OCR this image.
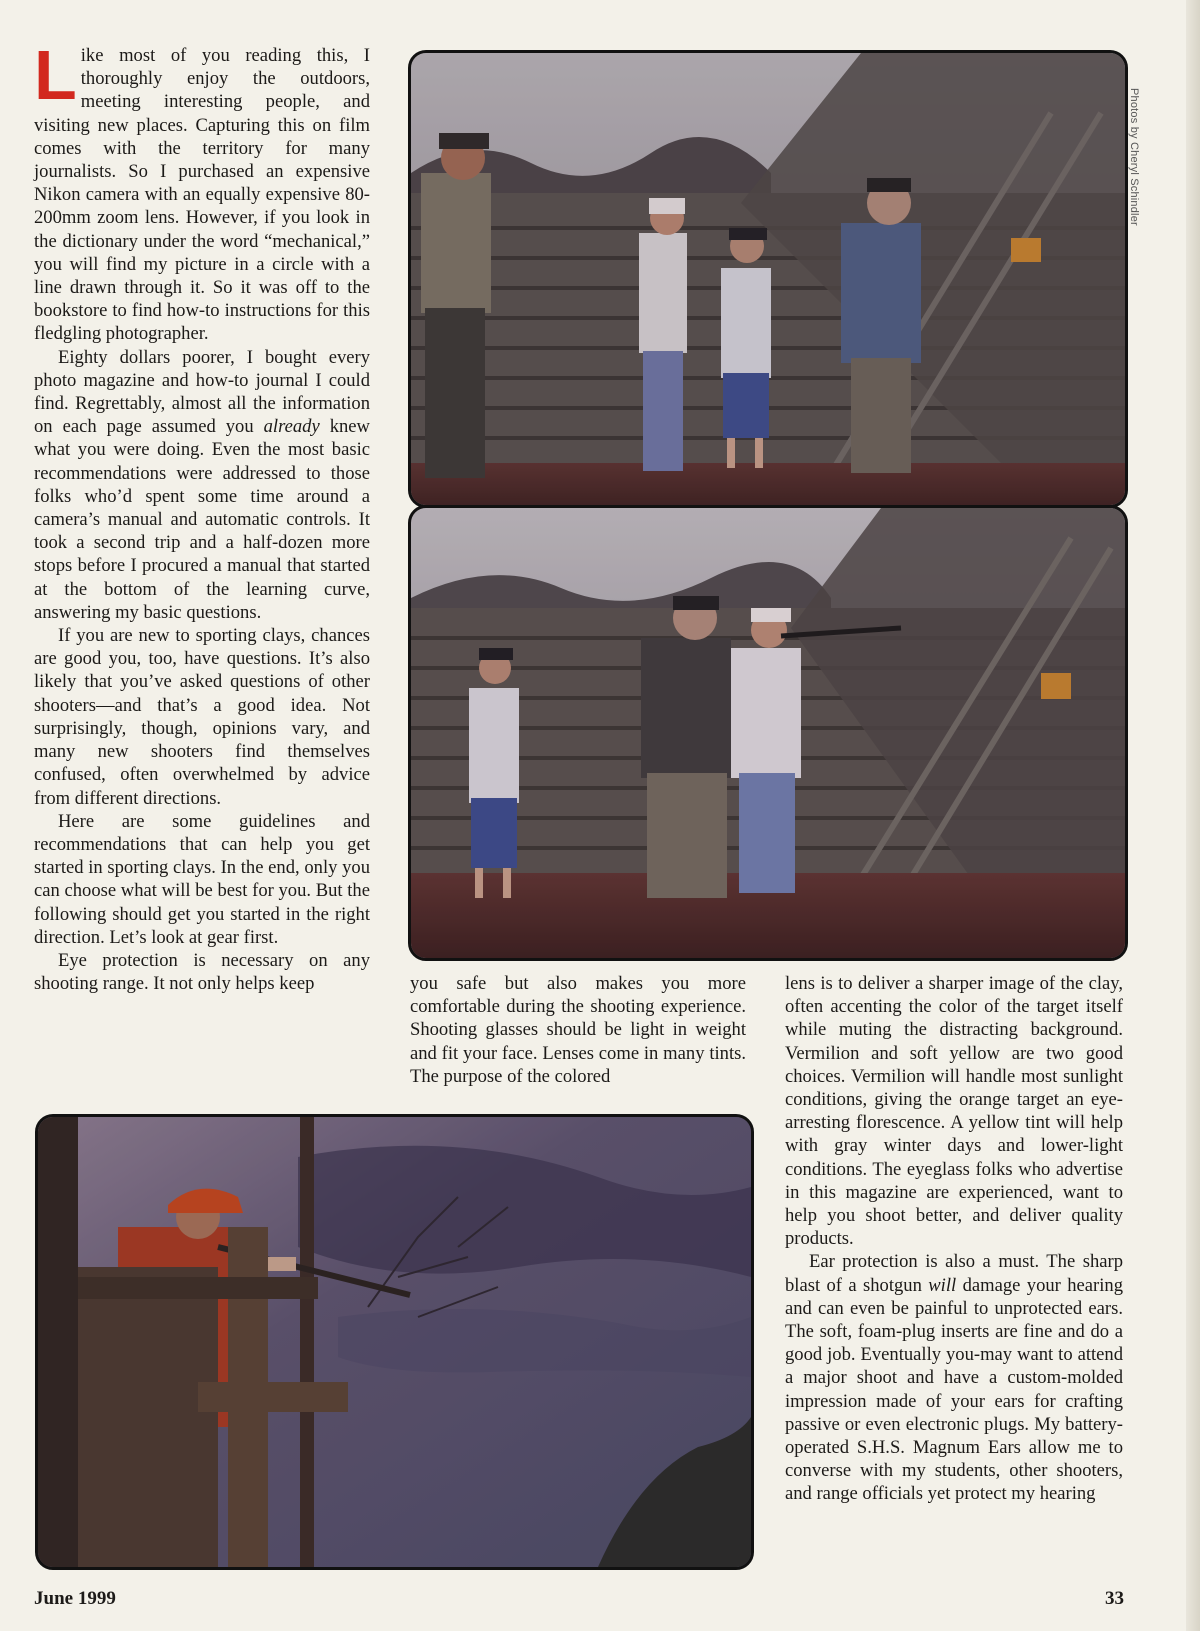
Like most of you reading this, I thoroughly enjoy the outdoors, meeting interesting people, and visiting new places. Capturing this on film comes with the territory for many journalists. So I purchased an expensive Nikon camera with an equally expensive 80-200mm zoom lens. However, if you look in the dictionary under the word “mechanical,” you will find my picture in a circle with a line drawn through it. So it was off to the bookstore to find how-to instructions for this fledgling photographer.

Eighty dollars poorer, I bought every photo magazine and how-to journal I could find. Regrettably, almost all the information on each page assumed you already knew what you were doing. Even the most basic recommendations were addressed to those folks who’d spent some time around a camera’s manual and automatic controls. It took a second trip and a half-dozen more stops before I procured a manual that started at the bottom of the learning curve, answering my basic questions.

If you are new to sporting clays, chances are good you, too, have questions. It’s also likely that you’ve asked questions of other shooters—and that’s a good idea. Not surprisingly, though, opinions vary, and many new shooters find themselves confused, often overwhelmed by advice from different directions.

Here are some guidelines and recommendations that can help you get started in sporting clays. In the end, only you can choose what will be best for you. But the following should get you started in the right direction. Let’s look at gear first.

Eye protection is necessary on any shooting range. It not only helps keep	you safe but also makes you more comfortable during the shooting experience. Shooting glasses should be light in weight and fit your face. Lenses come in many tints. The purpose of the colored

lens is to deliver a sharper image of the clay, often accenting the color of the target itself while muting the distracting background. Vermilion and soft yellow are two good choices. Vermilion will handle most sunlight conditions, giving the orange target an eye-arresting florescence. A yellow tint will help with gray winter days and lower-light conditions. The eyeglass folks who advertise in this magazine are experienced, want to help you shoot better, and deliver quality products.

Ear protection is also a must. The sharp blast of a shotgun will damage your hearing and can even be painful to unprotected ears. The soft, foam-plug inserts are fine and do a good job. Eventually you-may want to attend a major shoot and have a custom-molded impression made of your ears for crafting passive or even electronic plugs. My battery-operated S.H.S. Magnum Ears allow me to converse with my students, other shooters, and range officials yet protect my hearing

Photos by Cheryl Schindler
June 1999	33
